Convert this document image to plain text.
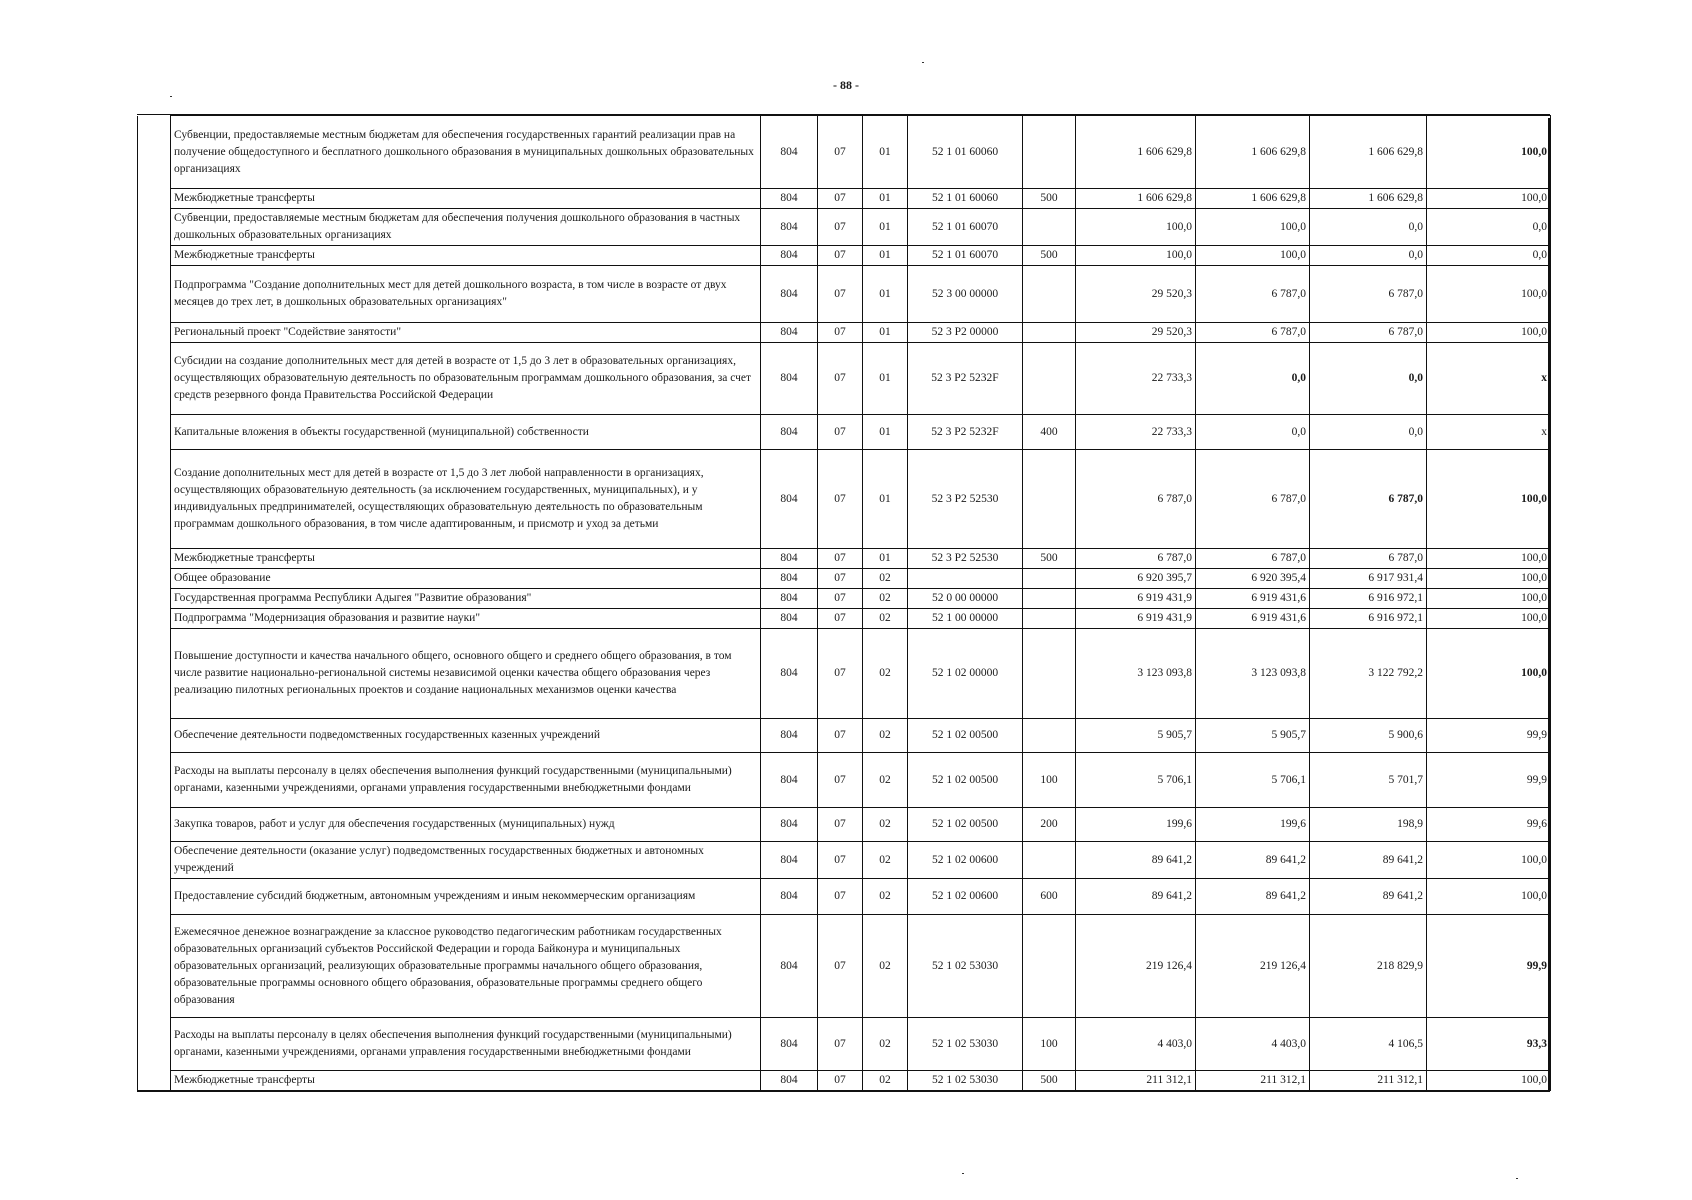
- 88 -
	Субвенции, предоставляемые местным бюджетам для обеспечения государственных гарантий реализации прав на получение общедоступного и бесплатного дошкольного образования в муниципальных дошкольных образовательных организациях	804	07	01	52 1 01 60060		1 606 629,8	1 606 629,8	1 606 629,8	100,0
	Межбюджетные трансферты	804	07	01	52 1 01 60060	500	1 606 629,8	1 606 629,8	1 606 629,8	100,0
	Субвенции, предоставляемые местным бюджетам для обеспечения получения дошкольного образования в частных дошкольных образовательных организациях	804	07	01	52 1 01 60070		100,0	100,0	0,0	0,0
	Межбюджетные трансферты	804	07	01	52 1 01 60070	500	100,0	100,0	0,0	0,0
	Подпрограмма "Создание дополнительных мест для детей дошкольного возраста, в том числе в возрасте от двух месяцев до трех лет, в дошкольных образовательных организациях"	804	07	01	52 3 00 00000		29 520,3	6 787,0	6 787,0	100,0
	Региональный проект "Содействие занятости"	804	07	01	52 3 P2 00000		29 520,3	6 787,0	6 787,0	100,0
	Субсидии на создание дополнительных мест для детей в возрасте от 1,5 до 3 лет в образовательных организациях, осуществляющих образовательную деятельность по образовательным программам дошкольного образования, за счет средств резервного фонда Правительства Российской Федерации	804	07	01	52 3 P2 5232F		22 733,3	0,0	0,0	х
	Капитальные вложения в объекты государственной (муниципальной) собственности	804	07	01	52 3 P2 5232F	400	22 733,3	0,0	0,0	х
	Создание дополнительных мест для детей в возрасте от 1,5 до 3 лет любой направленности в организациях, осуществляющих образовательную деятельность (за исключением государственных, муниципальных), и у индивидуальных предпринимателей, осуществляющих образовательную деятельность по образовательным программам дошкольного образования, в том числе адаптированным, и присмотр и уход за детьми	804	07	01	52 3 P2 52530		6 787,0	6 787,0	6 787,0	100,0
	Межбюджетные трансферты	804	07	01	52 3 P2 52530	500	6 787,0	6 787,0	6 787,0	100,0
	Общее образование	804	07	02			6 920 395,7	6 920 395,4	6 917 931,4	100,0
	Государственная программа Республики Адыгея "Развитие образования"	804	07	02	52 0 00 00000		6 919 431,9	6 919 431,6	6 916 972,1	100,0
	Подпрограмма "Модернизация образования и развитие науки"	804	07	02	52 1 00 00000		6 919 431,9	6 919 431,6	6 916 972,1	100,0
	Повышение доступности и качества начального общего, основного общего и среднего общего образования, в том числе развитие национально-региональной системы независимой оценки качества общего образования через реализацию пилотных региональных проектов и создание национальных механизмов оценки качества	804	07	02	52 1 02 00000		3 123 093,8	3 123 093,8	3 122 792,2	100,0
	Обеспечение деятельности подведомственных государственных казенных учреждений	804	07	02	52 1 02 00500		5 905,7	5 905,7	5 900,6	99,9
	Расходы на выплаты персоналу в целях обеспечения выполнения функций государственными (муниципальными) органами, казенными учреждениями, органами управления государственными внебюджетными фондами	804	07	02	52 1 02 00500	100	5 706,1	5 706,1	5 701,7	99,9
	Закупка товаров, работ и услуг для обеспечения государственных (муниципальных) нужд	804	07	02	52 1 02 00500	200	199,6	199,6	198,9	99,6
	Обеспечение деятельности (оказание услуг) подведомственных государственных бюджетных и автономных учреждений	804	07	02	52 1 02 00600		89 641,2	89 641,2	89 641,2	100,0
	Предоставление субсидий бюджетным, автономным учреждениям и иным некоммерческим организациям	804	07	02	52 1 02 00600	600	89 641,2	89 641,2	89 641,2	100,0
	Ежемесячное денежное вознаграждение за классное руководство педагогическим работникам государственных образовательных организаций субъектов Российской Федерации и города Байконура и муниципальных образовательных организаций, реализующих образовательные программы начального общего образования, образовательные программы основного общего образования, образовательные программы среднего общего образования	804	07	02	52 1 02 53030		219 126,4	219 126,4	218 829,9	99,9
	Расходы на выплаты персоналу в целях обеспечения выполнения функций государственными (муниципальными) органами, казенными учреждениями, органами управления государственными внебюджетными фондами	804	07	02	52 1 02 53030	100	4 403,0	4 403,0	4 106,5	93,3
	Межбюджетные трансферты	804	07	02	52 1 02 53030	500	211 312,1	211 312,1	211 312,1	100,0
